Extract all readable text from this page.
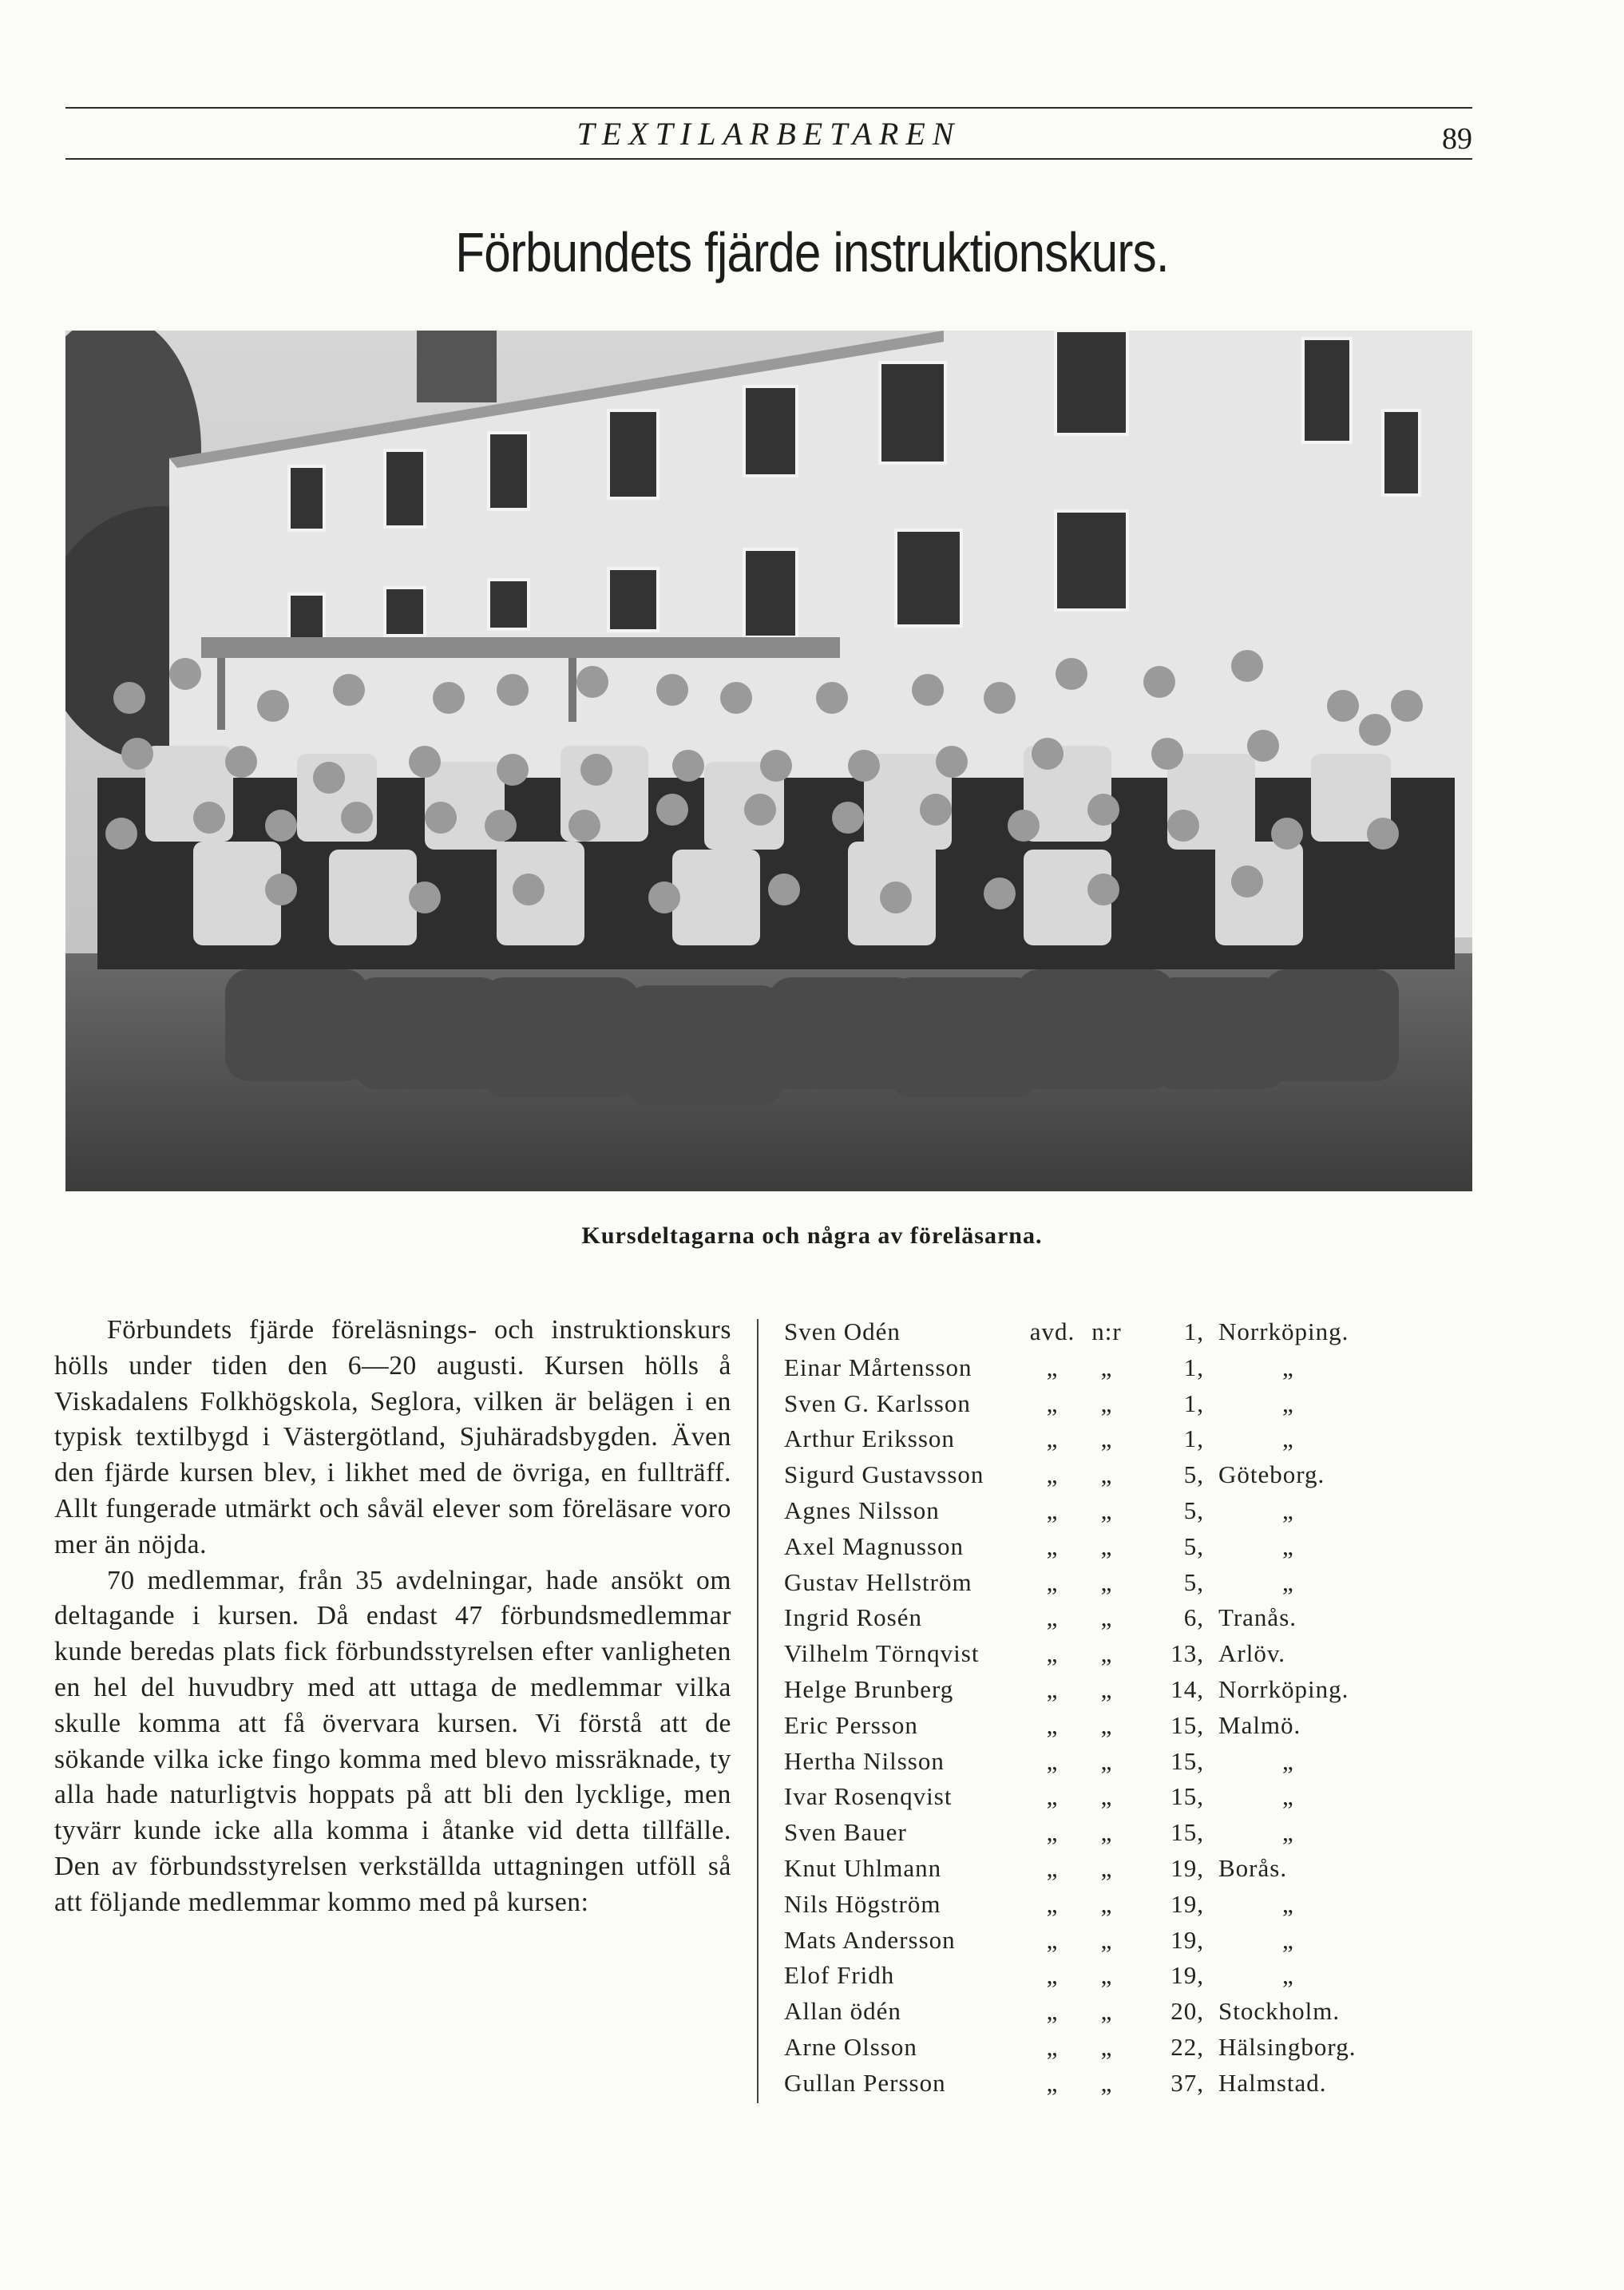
TEXTILARBETAREN	89
Förbundets fjärde instruktionskurs.
Kursdeltagarna och några av föreläsarna.

Förbundets fjärde föreläsnings- och instruktionskurs hölls under tiden den 6—20 augusti. Kursen hölls å Viskadalens Folkhögskola, Seglora, vilken är belägen i en typisk textilbygd i Västergötland, Sjuhäradsbygden. Även den fjärde kursen blev, i likhet med de övriga, en fullträff. Allt fungerade utmärkt och såväl elever som föreläsare voro mer än nöjda.

70 medlemmar, från 35 avdelningar, hade ansökt om deltagande i kursen. Då endast 47 förbundsmedlemmar kunde beredas plats fick förbundsstyrelsen efter vanligheten en hel del huvudbry med att uttaga de medlemmar vilka skulle komma att få övervara kursen. Vi förstå att de sökande vilka icke fingo komma med blevo missräknade, ty alla hade naturligtvis hoppats på att bli den lycklige, men tyvärr kunde icke alla komma i åtanke vid detta tillfälle. Den av förbundsstyrelsen verkställda uttagningen utföll så att följande medlemmar kommo med på kursen:

Sven Odén	avd. n:r	1, Norrköping.
Einar Mårtensson	„	„	1,	„
Sven G. Karlsson	„	„	1,	„
Arthur Eriksson	„	„	1,	„
Sigurd Gustavsson	„	„	5, Göteborg.
Agnes Nilsson	„	„	5,	„
Axel Magnusson	„	„	5,	„
Gustav Hellström	„	„	5,	„
Ingrid Rosén	„	„	6, Tranås.
Vilhelm Törnqvist	„	„	13, Arlöv.
Helge Brunberg	„	„	14, Norrköping.
Eric Persson	„	„	15, Malmö.
Hertha Nilsson	„	„	15,	„
Ivar Rosenqvist	„	„	15,	„
Sven Bauer	„	„	15,	„
Knut Uhlmann	„	„	19, Borås.
Nils Högström	„	„	19,	„
Mats Andersson	„	„	19,	„
Elof Fridh	„	„	19,	„
Allan ödén	„	„	20, Stockholm.
Arne Olsson	„	„	22, Hälsingborg.
Gullan Persson	„	„	37, Halmstad.
